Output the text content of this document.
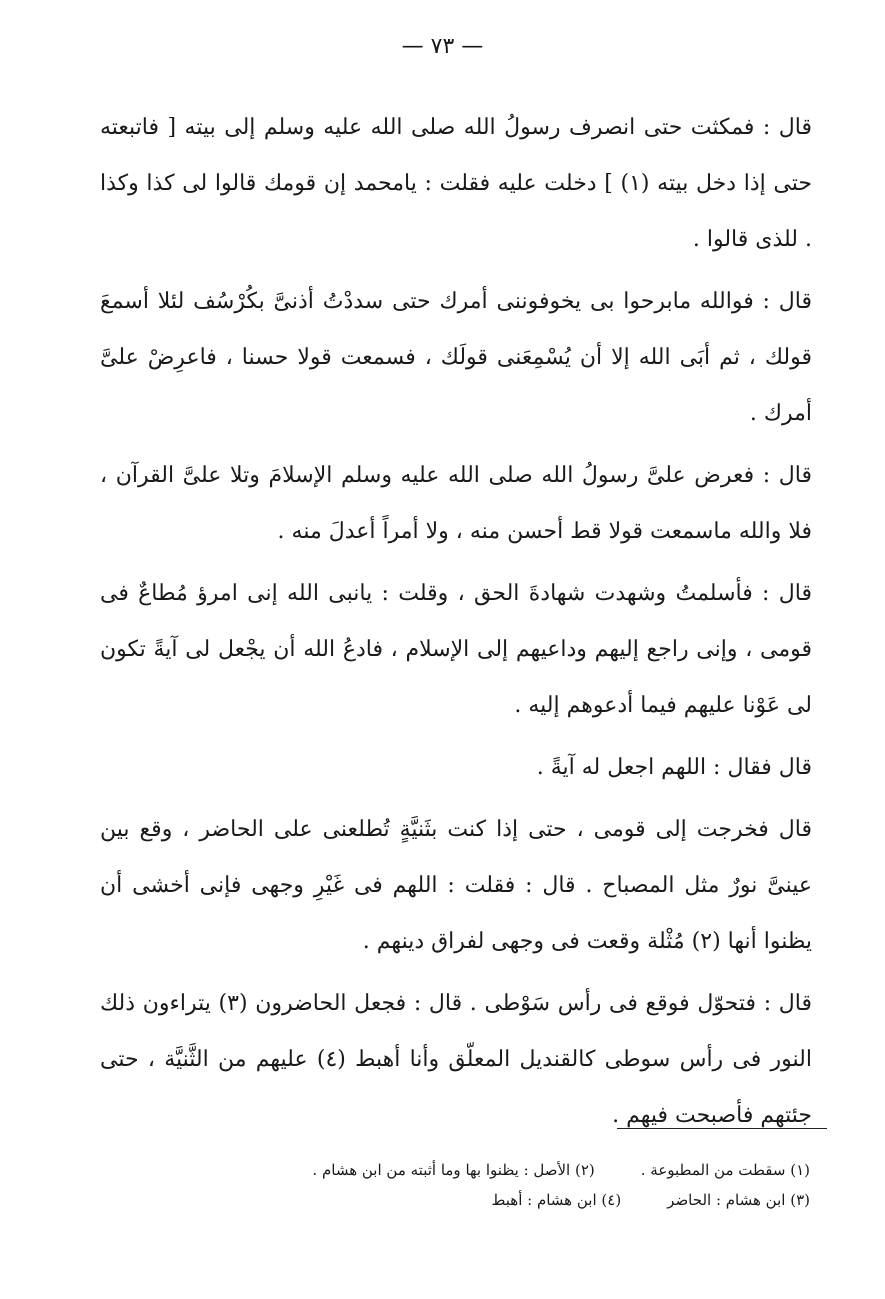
— ٧٣ —

قال : فمكثت حتى انصرف رسولُ الله صلى الله عليه وسلم إلى بيته [ فاتبعته حتى إذا دخل بيته (١) ] دخلت عليه فقلت : يامحمد إن قومك قالوا لى كذا وكذا . للذى قالوا .

قال : فوالله مابرحوا بى يخوفوننى أمرك حتى سددْتُ أذنىَّ بكُرْسُف لئلا أسمعَ قولك ، ثم أبَى الله إلا أن يُسْمِعَنى قولَك ، فسمعت قولا حسنا ، فاعرِضْ علىَّ أمرك .

قال : فعرض علىَّ رسولُ الله صلى الله عليه وسلم الإسلامَ وتلا علىَّ القرآن ، فلا والله ماسمعت قولا قط أحسن منه ، ولا أمراً أعدلَ منه .

قال : فأسلمتُ وشهدت شهادةَ الحق ، وقلت : يانبى الله إنى امرؤ مُطاعٌ فى قومى ، وإنى راجع إليهم وداعيهم إلى الإسلام ، فادعُ الله أن يجْعل لى آيةً تكون لى عَوْنا عليهم فيما أدعوهم إليه .

قال فقال : اللهم اجعل له آيةً .

قال فخرجت إلى قومى ، حتى إذا كنت بثَنيَّةٍ تُطلعنى على الحاضر ، وقع بين عينىَّ نورٌ مثل المصباح . قال : فقلت : اللهم فى غَيْرِ وجهى فإنى أخشى أن يظنوا أنها (٢) مُثْلة وقعت فى وجهى لفراق دينهم .

قال : فتحوّل فوقع فى رأس سَوْطى . قال : فجعل الحاضرون (٣) يتراءون ذلك النور فى رأس سوطى كالقنديل المعلّق وأنا أهبط (٤) عليهم من الثَّنيَّة ، حتى جئتهم فأصبحت فيهم .

(١) سقطت من المطبوعة .
(٢) الأصل : يظنوا بها وما أثبته من ابن هشام .
(٣) ابن هشام : الحاضر
(٤) ابن هشام : أهبط
